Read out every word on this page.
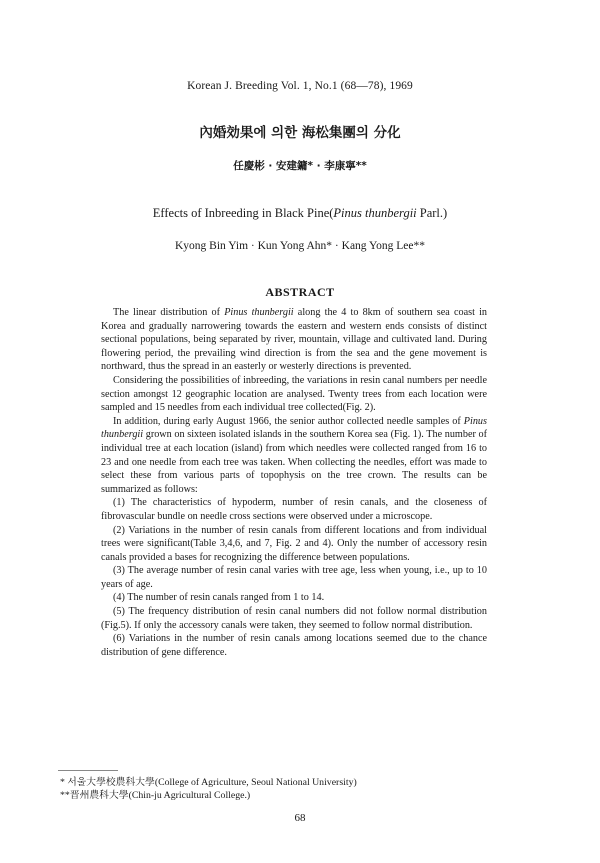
Korean J. Breeding Vol. 1, No.1 (68—78), 1969
內婚効果에 의한 海松集團의 分化
任慶彬 · 安建鏞* · 李康寧**
Effects of Inbreeding in Black Pine(Pinus thunbergii Parl.)
Kyong Bin Yim · Kun Yong Ahn* · Kang Yong Lee**
ABSTRACT

The linear distribution of Pinus thunbergii along the 4 to 8km of southern sea coast in Korea and gradually narrowering towards the eastern and western ends consists of distinct sectional populations, being separated by river, mountain, village and cultivated land. During flowering period, the prevailing wind direction is from the sea and the gene movement is northward, thus the spread in an easterly or westerly directions is prevented.

Considering the possibilities of inbreeding, the variations in resin canal numbers per needle section amongst 12 geographic location are analysed. Twenty trees from each location were sampled and 15 needles from each individual tree collected(Fig. 2).

In addition, during early August 1966, the senior author collected needle samples of Pinus thunbergii grown on sixteen isolated islands in the southern Korea sea (Fig. 1). The number of individual tree at each location (island) from which needles were collected ranged from 16 to 23 and one needle from each tree was taken. When collecting the needles, effort was made to select these from various parts of topophysis on the tree crown. The results can be summarized as follows:

(1) The characteristics of hypoderm, number of resin canals, and the closeness of fibrovascular bundle on needle cross sections were observed under a microscope.

(2) Variations in the number of resin canals from different locations and from individual trees were significant(Table 3,4,6, and 7, Fig. 2 and 4). Only the number of accessory resin canals provided a bases for recognizing the difference between populations.

(3) The average number of resin canal varies with tree age, less when young, i.e., up to 10 years of age.

(4) The number of resin canals ranged from 1 to 14.

(5) The frequency distribution of resin canal numbers did not follow normal distribution (Fig.5). If only the accessory canals were taken, they seemed to follow normal distribution.

(6) Variations in the number of resin canals among locations seemed due to the chance distribution of gene difference.

* 서울大學校農科大學(College of Agriculture, Seoul National University)
**晋州農科大學(Chin-ju Agricultural College.)
68
